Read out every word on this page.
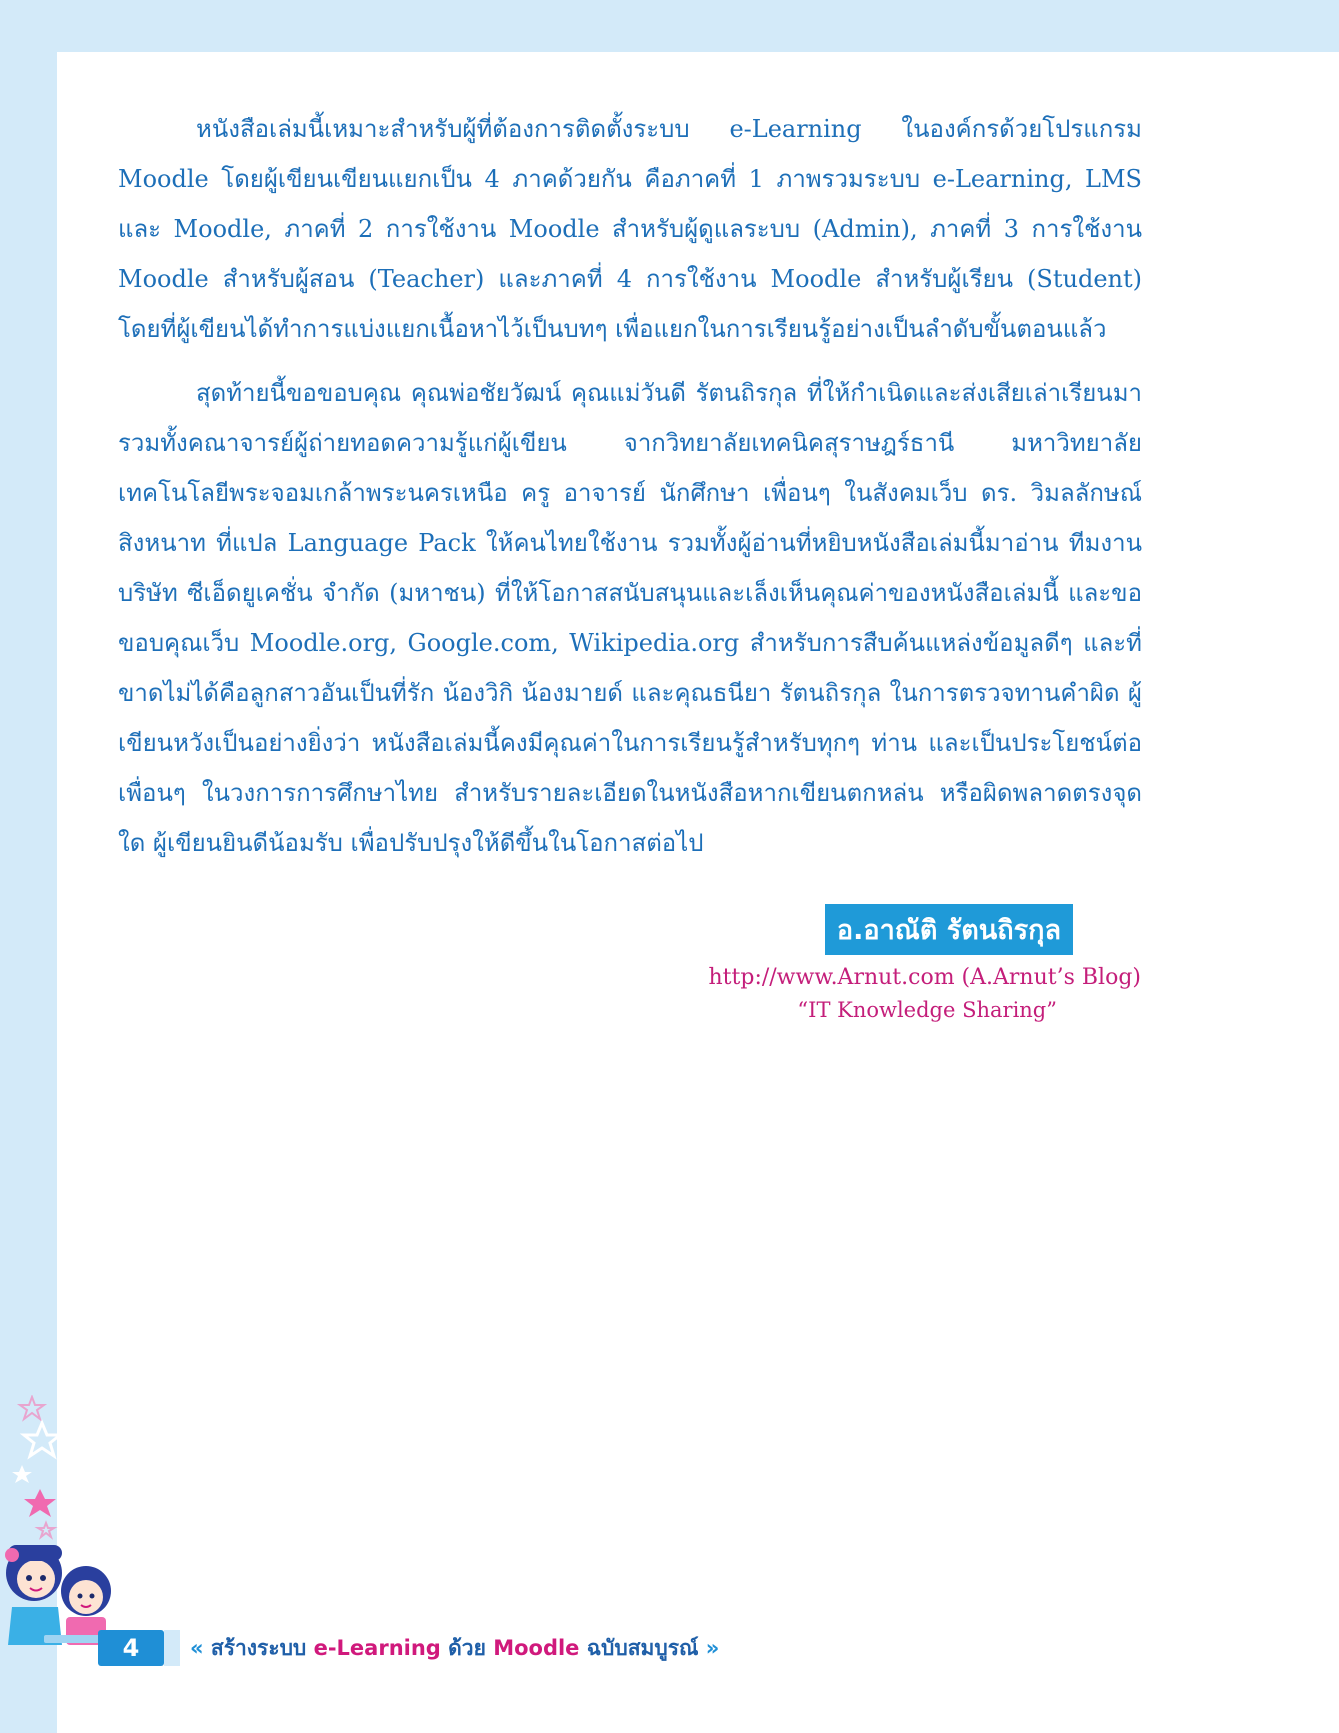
หนังสือเล่มนี้เหมาะสำหรับผู้ที่ต้องการติดตั้งระบบ e-Learning ในองค์กรด้วยโปรแกรม Moodle โดยผู้เขียนเขียนแยกเป็น 4 ภาคด้วยกัน คือภาคที่ 1 ภาพรวมระบบ e-Learning, LMS และ Moodle, ภาคที่ 2 การใช้งาน Moodle สำหรับผู้ดูแลระบบ (Admin), ภาคที่ 3 การใช้งาน Moodle สำหรับผู้สอน (Teacher) และภาคที่ 4 การใช้งาน Moodle สำหรับผู้เรียน (Student) โดยที่ผู้เขียนได้ทำการแบ่งแยกเนื้อหาไว้เป็นบทๆ เพื่อแยกในการเรียนรู้อย่างเป็นลำดับขั้นตอนแล้ว

สุดท้ายนี้ขอขอบคุณ คุณพ่อชัยวัฒน์ คุณแม่วันดี รัตนถิรกุล ที่ให้กำเนิดและส่งเสียเล่าเรียนมา รวมทั้งคณาจารย์ผู้ถ่ายทอดความรู้แก่ผู้เขียน จากวิทยาลัยเทคนิคสุราษฎร์ธานี มหาวิทยาลัยเทคโนโลยีพระจอมเกล้าพระนครเหนือ ครู อาจารย์ นักศึกษา เพื่อนๆ ในสังคมเว็บ ดร. วิมลลักษณ์ สิงหนาท ที่แปล Language Pack ให้คนไทยใช้งาน รวมทั้งผู้อ่านที่หยิบหนังสือเล่มนี้มาอ่าน ทีมงานบริษัท ซีเอ็ดยูเคชั่น จำกัด (มหาชน) ที่ให้โอกาสสนับสนุนและเล็งเห็นคุณค่าของหนังสือเล่มนี้ และขอขอบคุณเว็บ Moodle.org, Google.com, Wikipedia.org สำหรับการสืบค้นแหล่งข้อมูลดีๆ และที่ขาดไม่ได้คือลูกสาวอันเป็นที่รัก น้องวิกิ น้องมายด์ และคุณธนียา รัตนถิรกุล ในการตรวจทานคำผิด ผู้เขียนหวังเป็นอย่างยิ่งว่า หนังสือเล่มนี้คงมีคุณค่าในการเรียนรู้สำหรับทุกๆ ท่าน และเป็นประโยชน์ต่อเพื่อนๆ ในวงการการศึกษาไทย สำหรับรายละเอียดในหนังสือหากเขียนตกหล่น หรือผิดพลาดตรงจุดใด ผู้เขียนยินดีน้อมรับ เพื่อปรับปรุงให้ดีขึ้นในโอกาสต่อไป

อ.อาณัติ รัตนถิรกุล
http://www.Arnut.com (A.Arnut’s Blog)
“IT Knowledge Sharing”
4	« สร้างระบบ e-Learning ด้วย Moodle ฉบับสมบูรณ์ »
